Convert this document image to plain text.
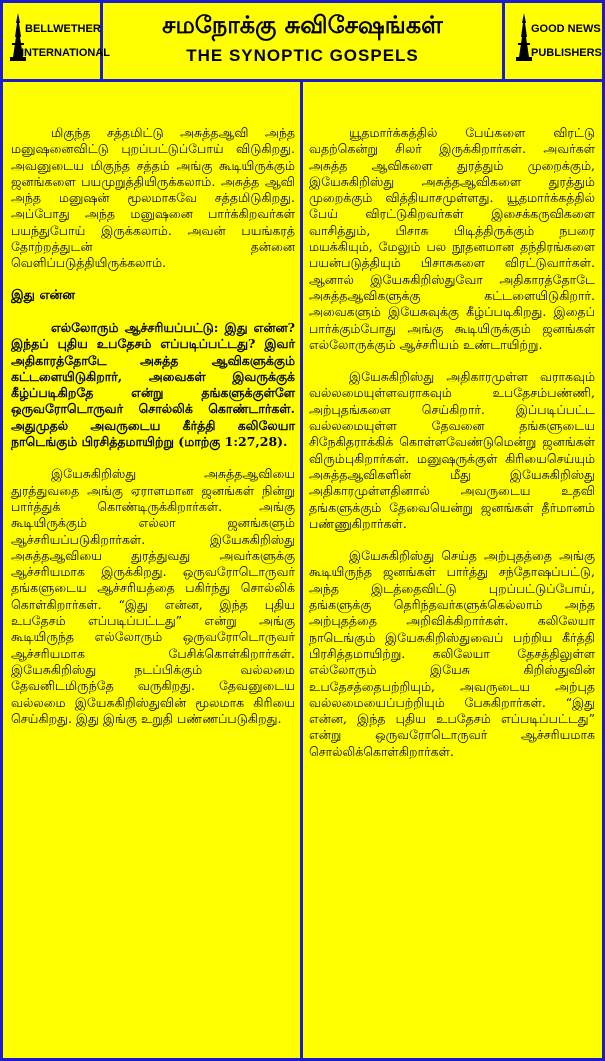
BELLWETHER
INTERNATIONAL
சமநோக்கு சுவிசேஷங்கள்
THE SYNOPTIC GOSPELS
GOOD NEWS
PUBLISHERS

மிகுந்த சத்தமிட்டு அசுத்தஆவி அந்த மனுஷனைவிட்டு புறப்பட்டுப்போய் விடுகிறது. அவனுடைய மிகுந்த சத்தம் அங்கு கூடியிருக்கும் ஜனங்களை பயமுறுத்தியிருக்கலாம். அசுத்த ஆவி அந்த மனுஷன் மூலமாகவே சத்தமிடுகிறது. அப்போது அந்த மனுஷனை பார்க்கிறவர்கள் பயந்துபோய் இருக்கலாம். அவன் பயங்கரத் தோற்றத்துடன் தன்னை வெளிப்படுத்தியிருக்கலாம்.

இது என்ன

எல்லோரும் ஆச்சரியப்பட்டு: இது என்ன? இந்தப் புதிய உபதேசம் எப்படிப்பட்டது? இவர் அதிகாரத்தோடே அசுத்த ஆவிகளுக்கும் கட்டளையிடுகிறார், அவைகள் இவருக்குக் கீழ்ப்படிகிறதே என்று தங்களுக்குள்ளே ஒருவரோடொருவர் சொல்லிக் கொண்டார்கள். அதுமுதல் அவருடைய கீர்த்தி கலிலேயா நாடெங்கும் பிரசித்தமாயிற்று (மாற்கு 1:27,28).

இயேசுகிறிஸ்து அசுத்தஆவியை துரத்துவதை அங்கு ஏராளமான ஜனங்கள் நின்று பார்த்துக் கொண்டிருக்கிறார்கள். அங்கு கூடியிருக்கும் எல்லா ஜனங்களும் ஆச்சரியப்படுகிறார்கள். இயேசுகிறிஸ்து அசுத்தஆவியை துரத்துவது அவர்களுக்கு ஆச்சரியமாக இருக்கிறது. ஒருவரோடொருவர் தங்களுடைய ஆச்சரியத்தை பகிர்ந்து சொல்லிக் கொள்கிறார்கள். “இது என்ன, இந்த புதிய உபதேசம் எப்படிப்பட்டது” என்று அங்கு கூடியிருந்த எல்லோரும் ஒருவரோடொருவர் ஆச்சரியமாக பேசிக்கொள்கிறார்கள். இயேசுகிறிஸ்து நடப்பிக்கும் வல்லமை தேவனிடமிருந்தே வருகிறது. தேவனுடைய வல்லமை இயேசுகிறிஸ்துவின் மூலமாக கிரியை செய்கிறது. இது இங்கு உறுதி பண்ணப்படுகிறது.

யூதமார்க்கத்தில் பேய்களை விரட்டு வதற்கென்று சிலர் இருக்கிறார்கள். அவர்கள் அசுத்த ஆவிகளை துரத்தும் முறைக்கும், இயேசுகிறிஸ்து அசுத்தஆவிகளை துரத்தும் முறைக்கும் வித்தியாசமுள்ளது. யூதமார்க்கத்தில் பேய் விரட்டுகிறவர்கள் இசைக்கருவிகளை வாசித்தும், பிசாசு பிடித்திருக்கும் நபரை மயக்கியும், மேலும் பல நூதனமான தந்திரங்களை பயன்படுத்தியும் பிசாசுகளை விரட்டுவார்கள். ஆனால் இயேசுகிறிஸ்துவோ அதிகாரத்தோடே அசுத்தஆவிகளுக்கு கட்டளையிடுகிறார். அவைகளும் இயேசுவுக்கு கீழ்ப்படிகிறது. இதைப் பார்க்கும்போது அங்கு கூடியிருக்கும் ஜனங்கள் எல்லோருக்கும் ஆச்சரியம் உண்டாயிற்று.

இயேசுகிறிஸ்து அதிகாரமுள்ள வராகவும் வல்லமையுள்ளவராகவும் உபதேசம்பண்ணி, அற்புதங்களை செய்கிறார். இப்படிப்பட்ட வல்லமையுள்ள தேவனை தங்களுடைய சிநேகிதராக்கிக் கொள்ளவேண்டுமென்று ஜனங்கள் விரும்புகிறார்கள். மனுஷருக்குள் கிரியைசெய்யும் அசுத்தஆவிகளின் மீது இயேசுகிறிஸ்து அதிகாரமுள்ளதினால் அவருடைய உதவி தங்களுக்கும் தேவையென்று ஜனங்கள் தீர்மானம் பண்ணுகிறார்கள்.

இயேசுகிறிஸ்து செய்த அற்புதத்தை அங்கு கூடியிருந்த ஜனங்கள் பார்த்து சந்தோஷப்பட்டு, அந்த இடத்தைவிட்டு புறப்பட்டுப்போய், தங்களுக்கு தெரிந்தவர்களுக்கெல்லாம் அந்த அற்புதத்தை அறிவிக்கிறார்கள். கலிலேயா நாடெங்கும் இயேசுகிறிஸ்துவைப் பற்றிய கீர்த்தி பிரசித்தமாயிற்று. கலிலேயா தேசத்திலுள்ள எல்லோரும் இயேசு கிறிஸ்துவின் உபதேசத்தைபற்றியும், அவருடைய அற்புத வல்லமையைப்பற்றியும் பேசுகிறார்கள். “இது என்ன, இந்த புதிய உபதேசம் எப்படிப்பட்டது” என்று ஒருவரோடொருவர் ஆச்சரியமாக சொல்லிக்கொள்கிறார்கள்.
